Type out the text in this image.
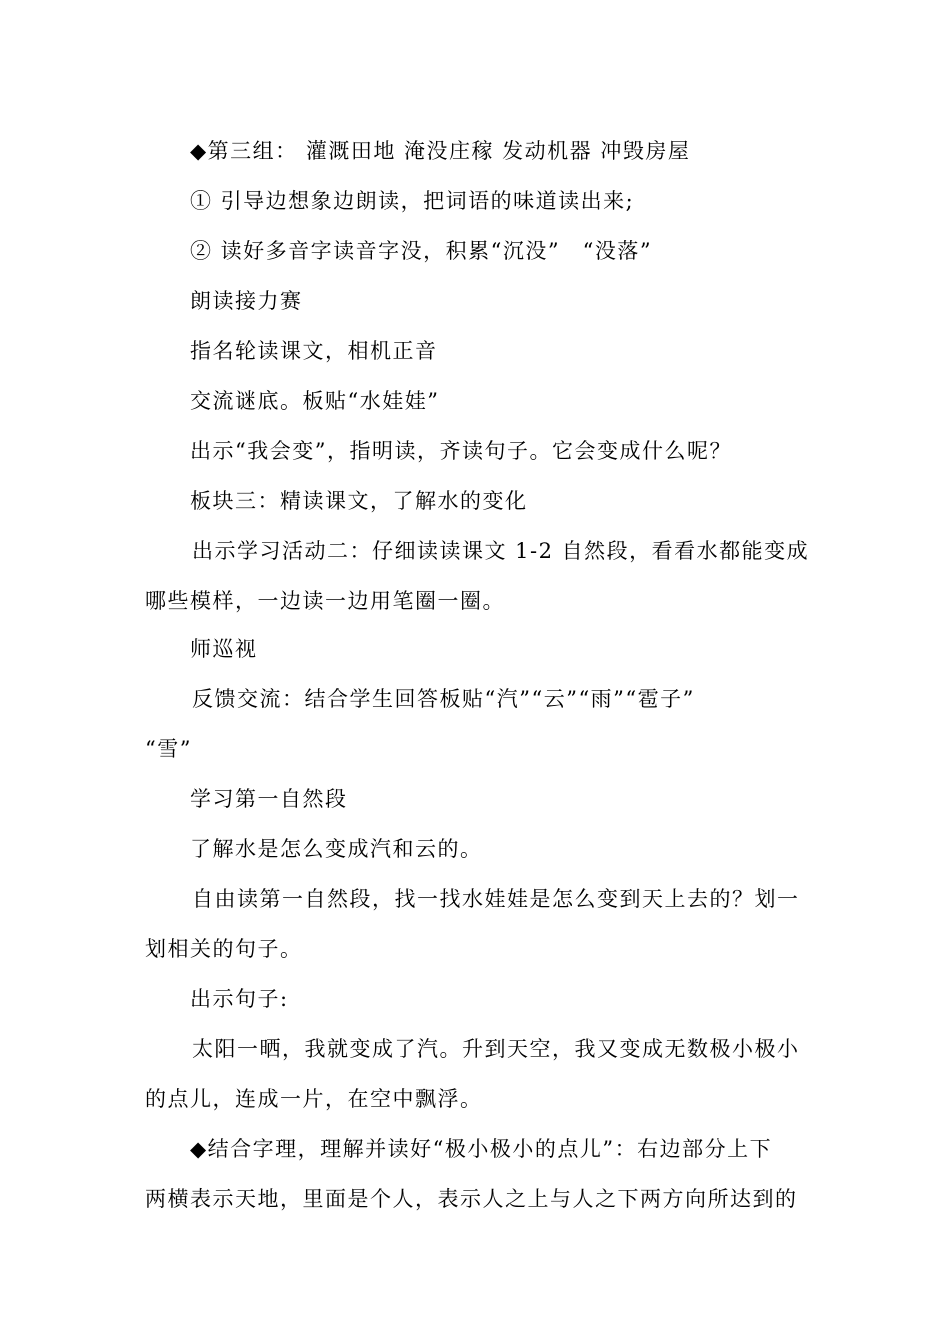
◆第三组： 灌溉田地 淹没庄稼 发动机器 冲毁房屋
① 引导边想象边朗读，把词语的味道读出来;
② 读好多音字读音字没，积累“沉没”　“没落”
朗读接力赛
指名轮读课文，相机正音
交流谜底。板贴“水娃娃”
出示“我会变”，指明读，齐读句子。它会变成什么呢？
板块三：精读课文，了解水的变化
出示学习活动二：仔细读读课文 1-2 自然段，看看水都能变成
哪些模样，一边读一边用笔圈一圈。
师巡视
反馈交流：结合学生回答板贴“汽”“云”“雨”“雹子”
“雪”
学习第一自然段
了解水是怎么变成汽和云的。
自由读第一自然段，找一找水娃娃是怎么变到天上去的？划一
划相关的句子。
出示句子:
太阳一晒，我就变成了汽。升到天空，我又变成无数极小极小
的点儿，连成一片，在空中飘浮。
◆结合字理，理解并读好“极小极小的点儿”：右边部分上下
两横表示天地，里面是个人，表示人之上与人之下两方向所达到的
